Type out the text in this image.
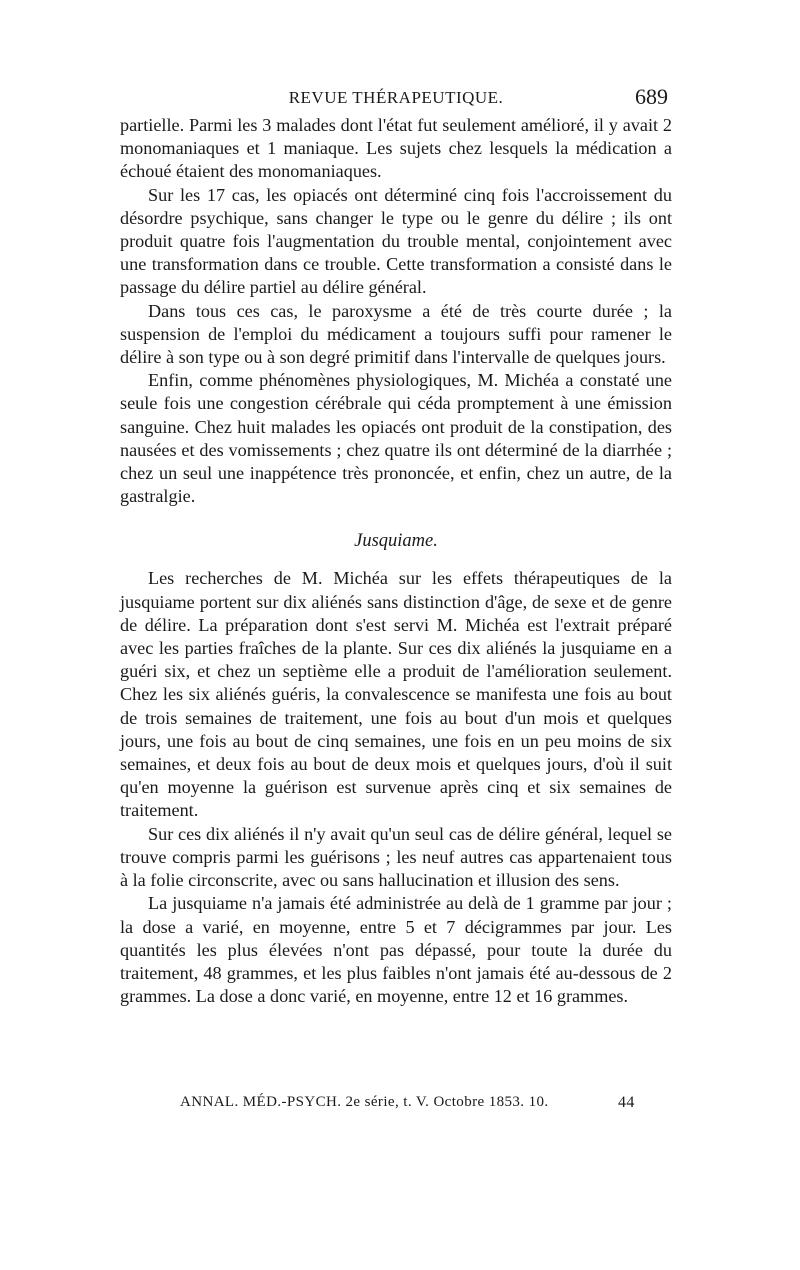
REVUE THÉRAPEUTIQUE.	689

partielle. Parmi les 3 malades dont l'état fut seulement amélioré, il y avait 2 monomaniaques et 1 maniaque. Les sujets chez lesquels la médication a échoué étaient des monomaniaques.

Sur les 17 cas, les opiacés ont déterminé cinq fois l'accroissement du désordre psychique, sans changer le type ou le genre du délire ; ils ont produit quatre fois l'augmentation du trouble mental, conjointement avec une transformation dans ce trouble. Cette transformation a consisté dans le passage du délire partiel au délire général.

Dans tous ces cas, le paroxysme a été de très courte durée ; la suspension de l'emploi du médicament a toujours suffi pour ramener le délire à son type ou à son degré primitif dans l'intervalle de quelques jours.

Enfin, comme phénomènes physiologiques, M. Michéa a constaté une seule fois une congestion cérébrale qui céda promptement à une émission sanguine. Chez huit malades les opiacés ont produit de la constipation, des nausées et des vomissements ; chez quatre ils ont déterminé de la diarrhée ; chez un seul une inappétence très prononcée, et enfin, chez un autre, de la gastralgie.

Jusquiame.

Les recherches de M. Michéa sur les effets thérapeutiques de la jusquiame portent sur dix aliénés sans distinction d'âge, de sexe et de genre de délire. La préparation dont s'est servi M. Michéa est l'extrait préparé avec les parties fraîches de la plante. Sur ces dix aliénés la jusquiame en a guéri six, et chez un septième elle a produit de l'amélioration seulement. Chez les six aliénés guéris, la convalescence se manifesta une fois au bout de trois semaines de traitement, une fois au bout d'un mois et quelques jours, une fois au bout de cinq semaines, une fois en un peu moins de six semaines, et deux fois au bout de deux mois et quelques jours, d'où il suit qu'en moyenne la guérison est survenue après cinq et six semaines de traitement.

Sur ces dix aliénés il n'y avait qu'un seul cas de délire général, lequel se trouve compris parmi les guérisons ; les neuf autres cas appartenaient tous à la folie circonscrite, avec ou sans hallucination et illusion des sens.

La jusquiame n'a jamais été administrée au delà de 1 gramme par jour ; la dose a varié, en moyenne, entre 5 et 7 décigrammes par jour. Les quantités les plus élevées n'ont pas dépassé, pour toute la durée du traitement, 48 grammes, et les plus faibles n'ont jamais été au-dessous de 2 grammes. La dose a donc varié, en moyenne, entre 12 et 16 grammes.

ANNAL. MÉD.-PSYCH. 2e série, t. V. Octobre 1853. 10.	44
